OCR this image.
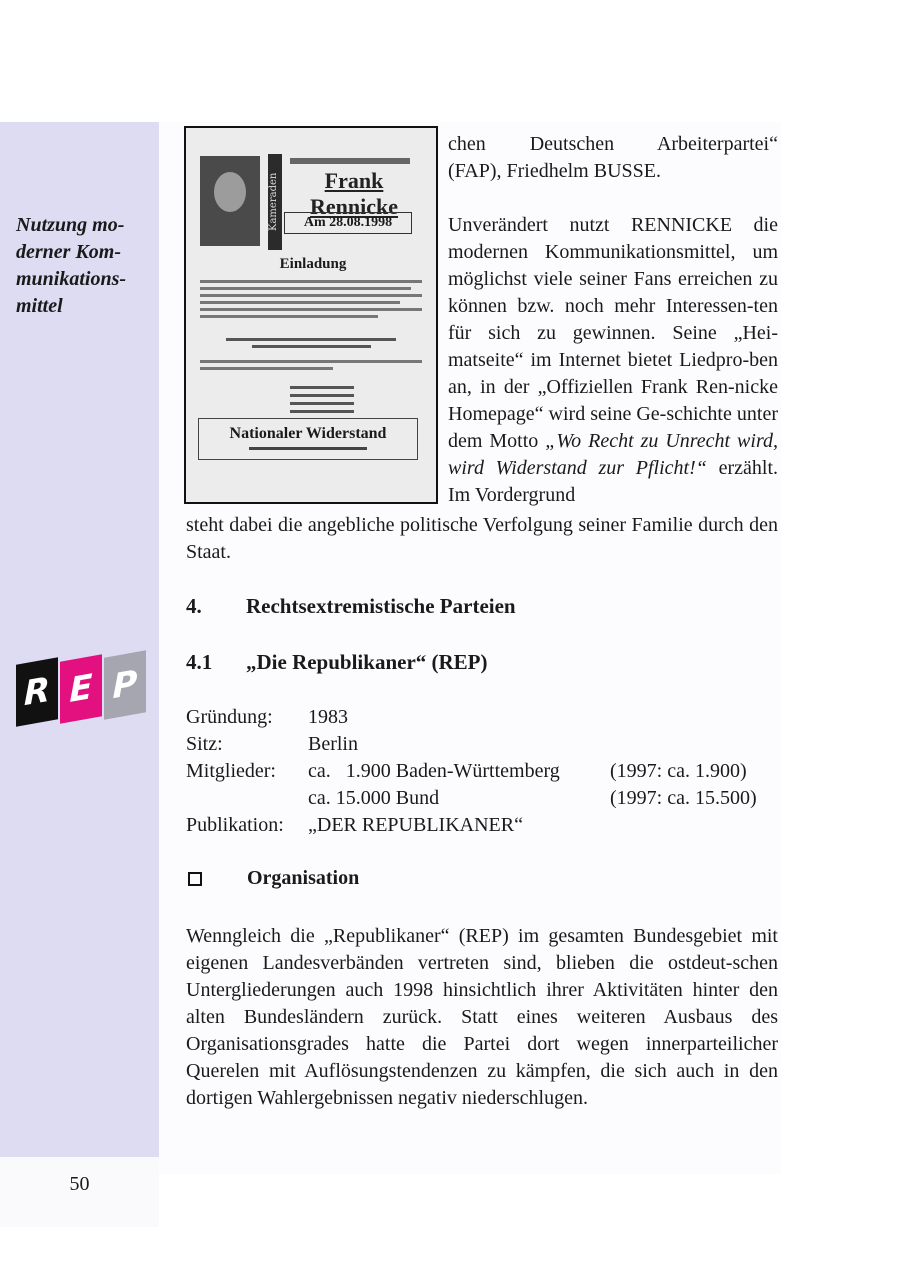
Nutzung mo-derner Kom-munikations-mittel

R E P
50
Kameraden	Frank Rennicke
Am 28.08.1998
Einladung
Nationaler Widerstand

chen Deutschen Arbeiterpartei“

(FAP), Friedhelm BUSSE.

Unverändert nutzt RENNICKE die modernen Kommunikationsmittel, um möglichst viele seiner Fans erreichen zu können bzw. noch mehr Interessen-ten für sich zu gewinnen. Seine „Hei-matseite“ im Internet bietet Liedpro-ben an, in der „Offiziellen Frank Ren-nicke Homepage“ wird seine Ge-schichte unter dem Motto „Wo Recht zu Unrecht wird, wird Widerstand zur Pflicht!“ erzählt. Im Vordergrund

steht dabei die angebliche politische Verfolgung seiner Familie durch den Staat.

4. Rechtsextremistische Parteien
4.1 „Die Republikaner“ (REP)
Gründung: 1983
Sitz:	Berlin
Mitglieder: ca.   1.900 Baden-Württemberg	(1997: ca. 1.900)
ca. 15.000 Bund	(1997: ca. 15.500)
Publikation: „DER REPUBLIKANER“
Organisation

Wenngleich die „Republikaner“ (REP) im gesamten Bundesgebiet mit eigenen Landesverbänden vertreten sind, blieben die ostdeut-schen Untergliederungen auch 1998 hinsichtlich ihrer Aktivitäten hinter den alten Bundesländern zurück. Statt eines weiteren Ausbaus des Organisationsgrades hatte die Partei dort wegen innerparteilicher Querelen mit Auflösungstendenzen zu kämpfen, die sich auch in den dortigen Wahlergebnissen negativ niederschlugen.
